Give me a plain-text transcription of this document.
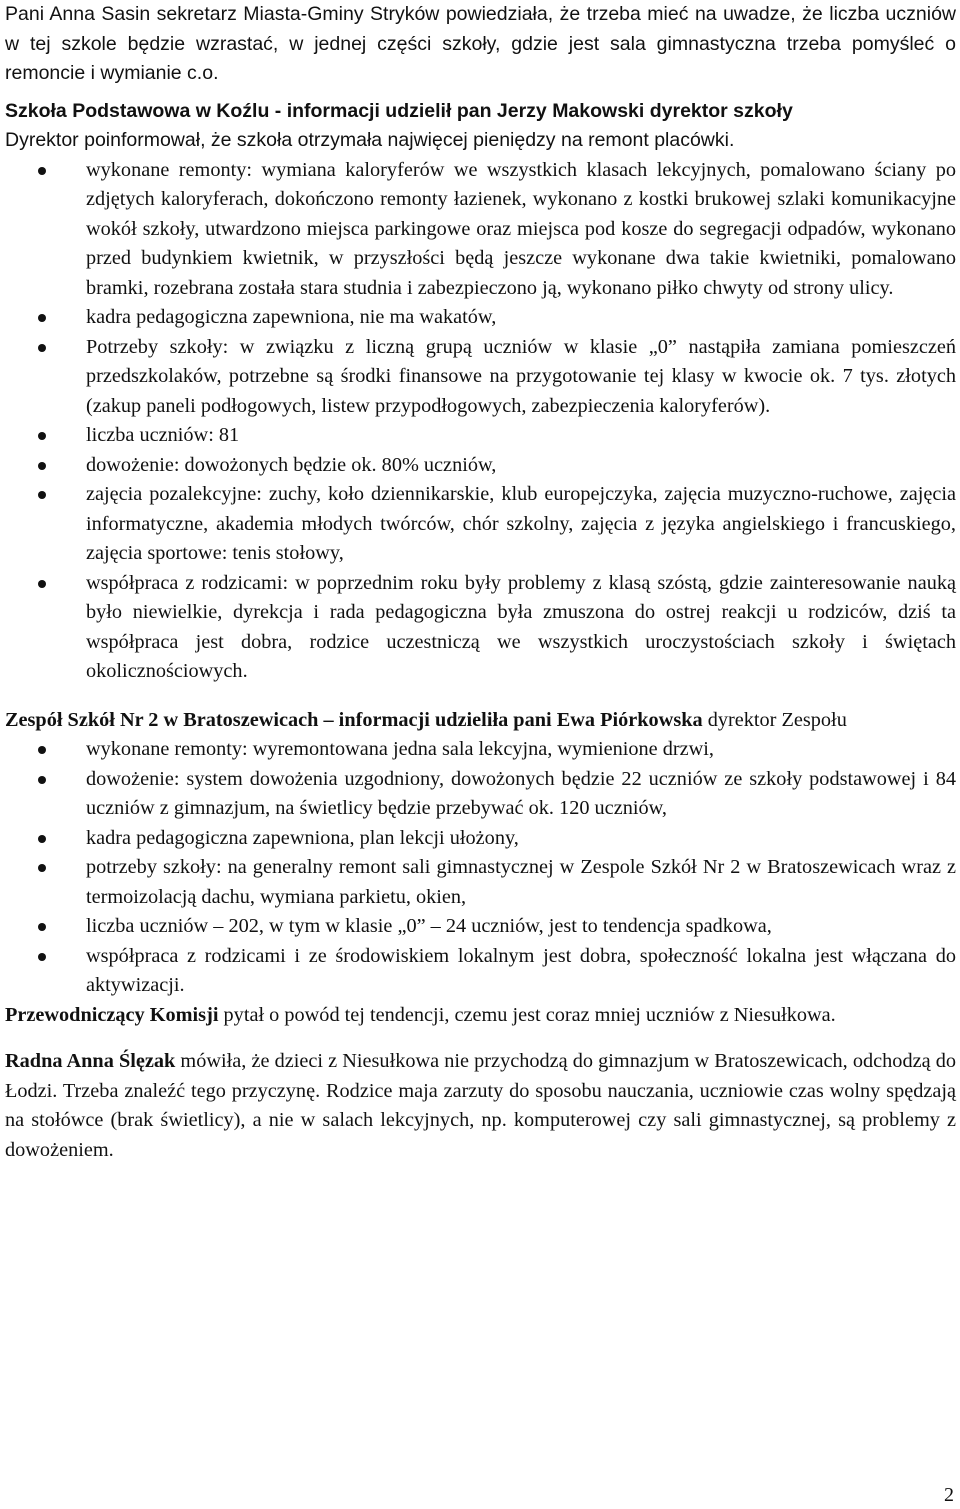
Pani Anna Sasin sekretarz Miasta-Gminy Stryków powiedziała, że trzeba mieć na uwadze, że liczba uczniów w tej szkole będzie wzrastać, w jednej części szkoły, gdzie jest sala gimnastyczna trzeba pomyśleć o remoncie i wymianie c.o.

Szkoła Podstawowa w Koźlu - informacji udzielił pan Jerzy Makowski dyrektor szkoły

Dyrektor poinformował, że szkoła otrzymała najwięcej pieniędzy na remont placówki.

wykonane remonty: wymiana kaloryferów we wszystkich klasach lekcyjnych, pomalowano ściany po zdjętych kaloryferach, dokończono remonty łazienek, wykonano z kostki brukowej szlaki komunikacyjne wokół szkoły, utwardzono miejsca parkingowe oraz miejsca pod kosze do segregacji odpadów, wykonano przed budynkiem kwietnik, w przyszłości będą jeszcze wykonane dwa takie kwietniki, pomalowano bramki, rozebrana została stara studnia i zabezpieczono ją, wykonano piłko chwyty od strony ulicy.
kadra pedagogiczna zapewniona, nie ma wakatów,
Potrzeby szkoły: w związku z liczną grupą uczniów w klasie „0” nastąpiła zamiana pomieszczeń przedszkolaków, potrzebne są środki finansowe na przygotowanie tej klasy w kwocie ok. 7 tys. złotych (zakup paneli podłogowych, listew przypodłogowych, zabezpieczenia kaloryferów).
liczba uczniów: 81
dowożenie: dowożonych będzie ok. 80% uczniów,
zajęcia pozalekcyjne: zuchy, koło dziennikarskie, klub europejczyka, zajęcia muzyczno-ruchowe, zajęcia informatyczne, akademia młodych twórców, chór szkolny, zajęcia z języka angielskiego i francuskiego, zajęcia sportowe: tenis stołowy,
współpraca z rodzicami: w poprzednim roku były problemy z klasą szóstą, gdzie zainteresowanie nauką było niewielkie, dyrekcja i rada pedagogiczna była zmuszona do ostrej reakcji u rodziców, dziś ta współpraca jest dobra, rodzice uczestniczą we wszystkich uroczystościach szkoły i świętach okolicznościowych.

Zespół Szkół Nr 2 w Bratoszewicach – informacji udzieliła pani Ewa Piórkowska dyrektor Zespołu

wykonane remonty: wyremontowana jedna sala lekcyjna, wymienione drzwi,
dowożenie: system dowożenia uzgodniony, dowożonych będzie 22 uczniów ze szkoły podstawowej i 84 uczniów z gimnazjum, na świetlicy będzie przebywać ok. 120 uczniów,
kadra pedagogiczna zapewniona, plan lekcji ułożony,
potrzeby szkoły: na generalny remont sali gimnastycznej w Zespole Szkół Nr 2 w Bratoszewicach wraz z termoizolacją dachu, wymiana parkietu, okien,
liczba uczniów – 202, w tym w klasie „0” – 24 uczniów, jest to tendencja spadkowa,
współpraca z rodzicami i ze środowiskiem lokalnym jest dobra, społeczność lokalna jest włączana do aktywizacji.

Przewodniczący Komisji pytał o powód tej tendencji, czemu jest coraz mniej uczniów z Niesułkowa.

Radna Anna Ślęzak mówiła, że dzieci z Niesułkowa nie przychodzą do gimnazjum w Bratoszewicach, odchodzą do Łodzi. Trzeba znaleźć tego przyczynę. Rodzice maja zarzuty do sposobu nauczania, uczniowie czas wolny spędzają na stołówce (brak świetlicy), a nie w salach lekcyjnych, np. komputerowej czy sali gimnastycznej, są problemy z dowożeniem.

2
